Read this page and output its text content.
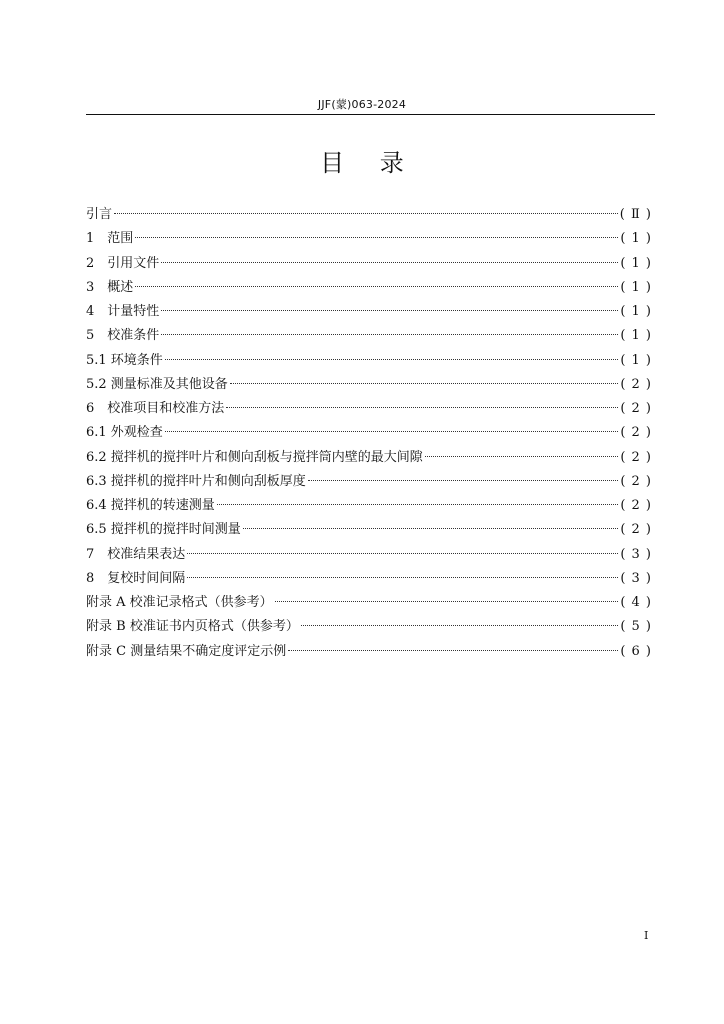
JJF(蒙)063-2024
目 录
引言	( Ⅱ )
1　范围	( 1 )
2　引用文件	( 1 )
3　概述	( 1 )
4　计量特性	( 1 )
5　校准条件	( 1 )
5.1 环境条件	( 1 )
5.2 测量标准及其他设备	( 2 )
6　校准项目和校准方法	( 2 )
6.1 外观检查	( 2 )
6.2 搅拌机的搅拌叶片和侧向刮板与搅拌筒内壁的最大间隙	( 2 )
6.3 搅拌机的搅拌叶片和侧向刮板厚度	( 2 )
6.4 搅拌机的转速测量	( 2 )
6.5 搅拌机的搅拌时间测量	( 2 )
7　校准结果表达	( 3 )
8　复校时间间隔	( 3 )
附录 A 校准记录格式（供参考）	( 4 )
附录 B 校准证书内页格式（供参考）	( 5 )
附录 C 测量结果不确定度评定示例	( 6 )
I
